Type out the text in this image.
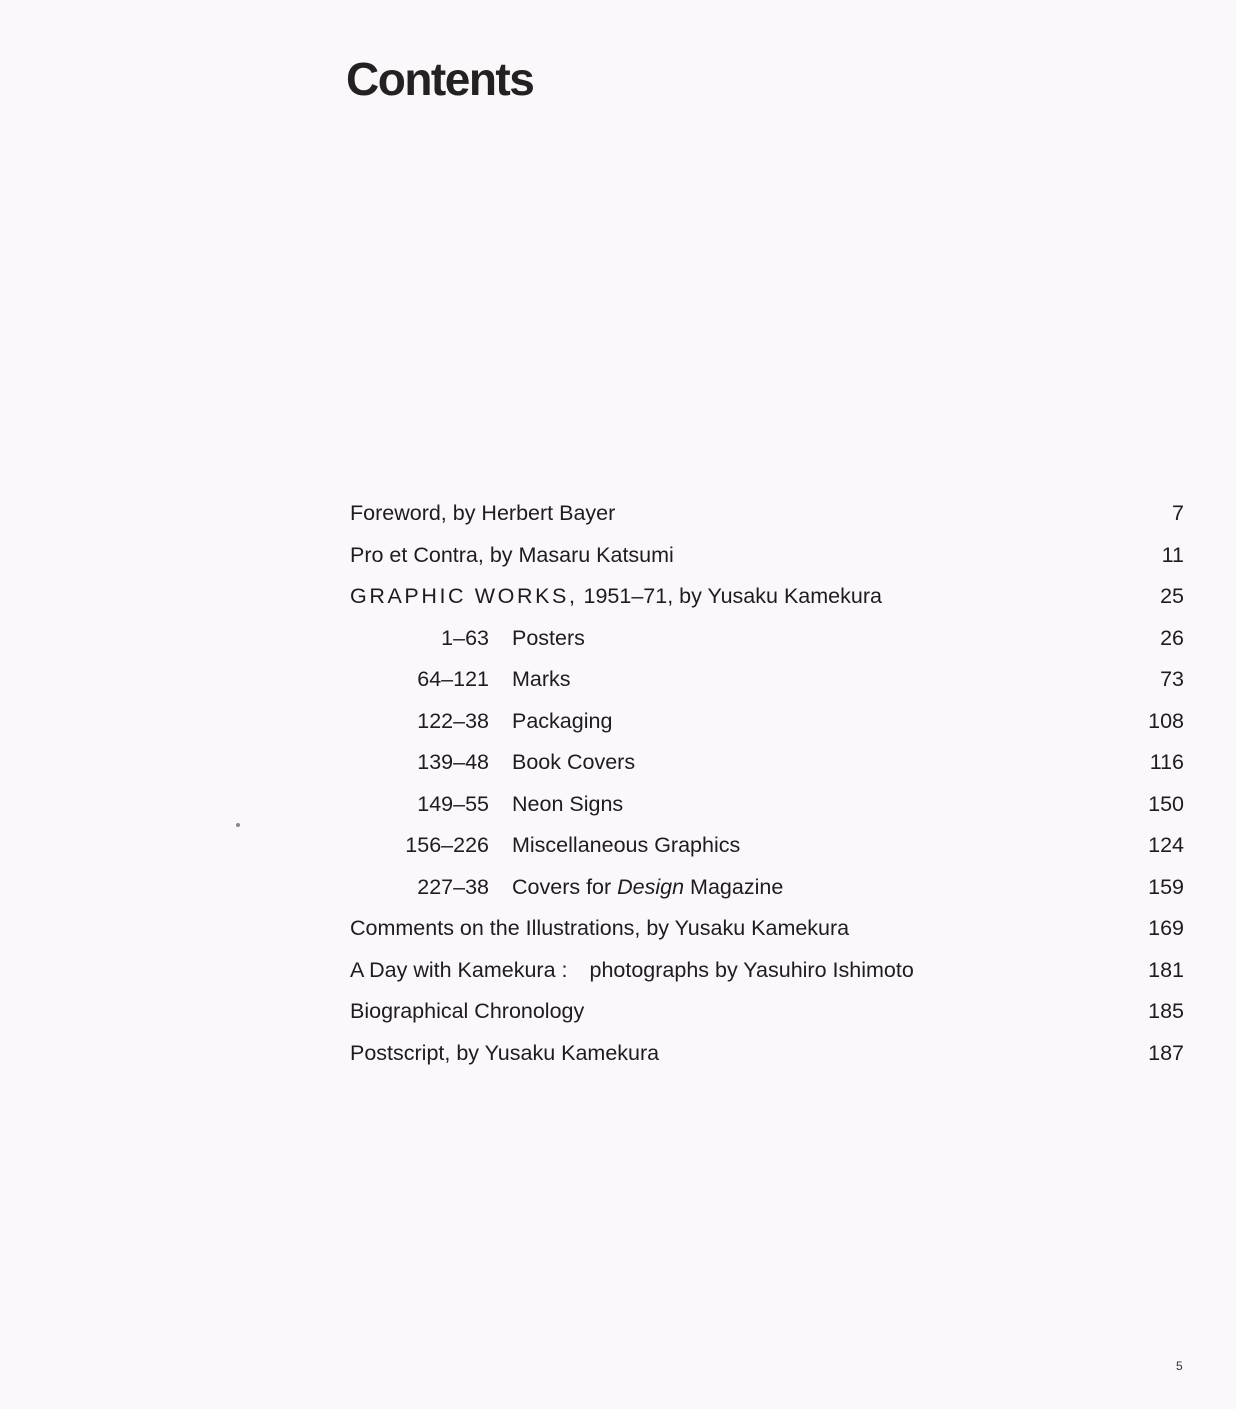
Contents
Foreword, by Herbert Bayer	7
Pro et Contra, by Masaru Katsumi	11
GRAPHIC WORKS, 1951–71, by Yusaku Kamekura	25
1–63 Posters	26
64–121 Marks	73
122–38 Packaging	108
139–48 Book Covers	116
149–55 Neon Signs	150
156–226 Miscellaneous Graphics	124
227–38 Covers for Design Magazine	159
Comments on the Illustrations, by Yusaku Kamekura	169
A Day with Kamekura : photographs by Yasuhiro Ishimoto	181
Biographical Chronology	185
Postscript, by Yusaku Kamekura	187
5
